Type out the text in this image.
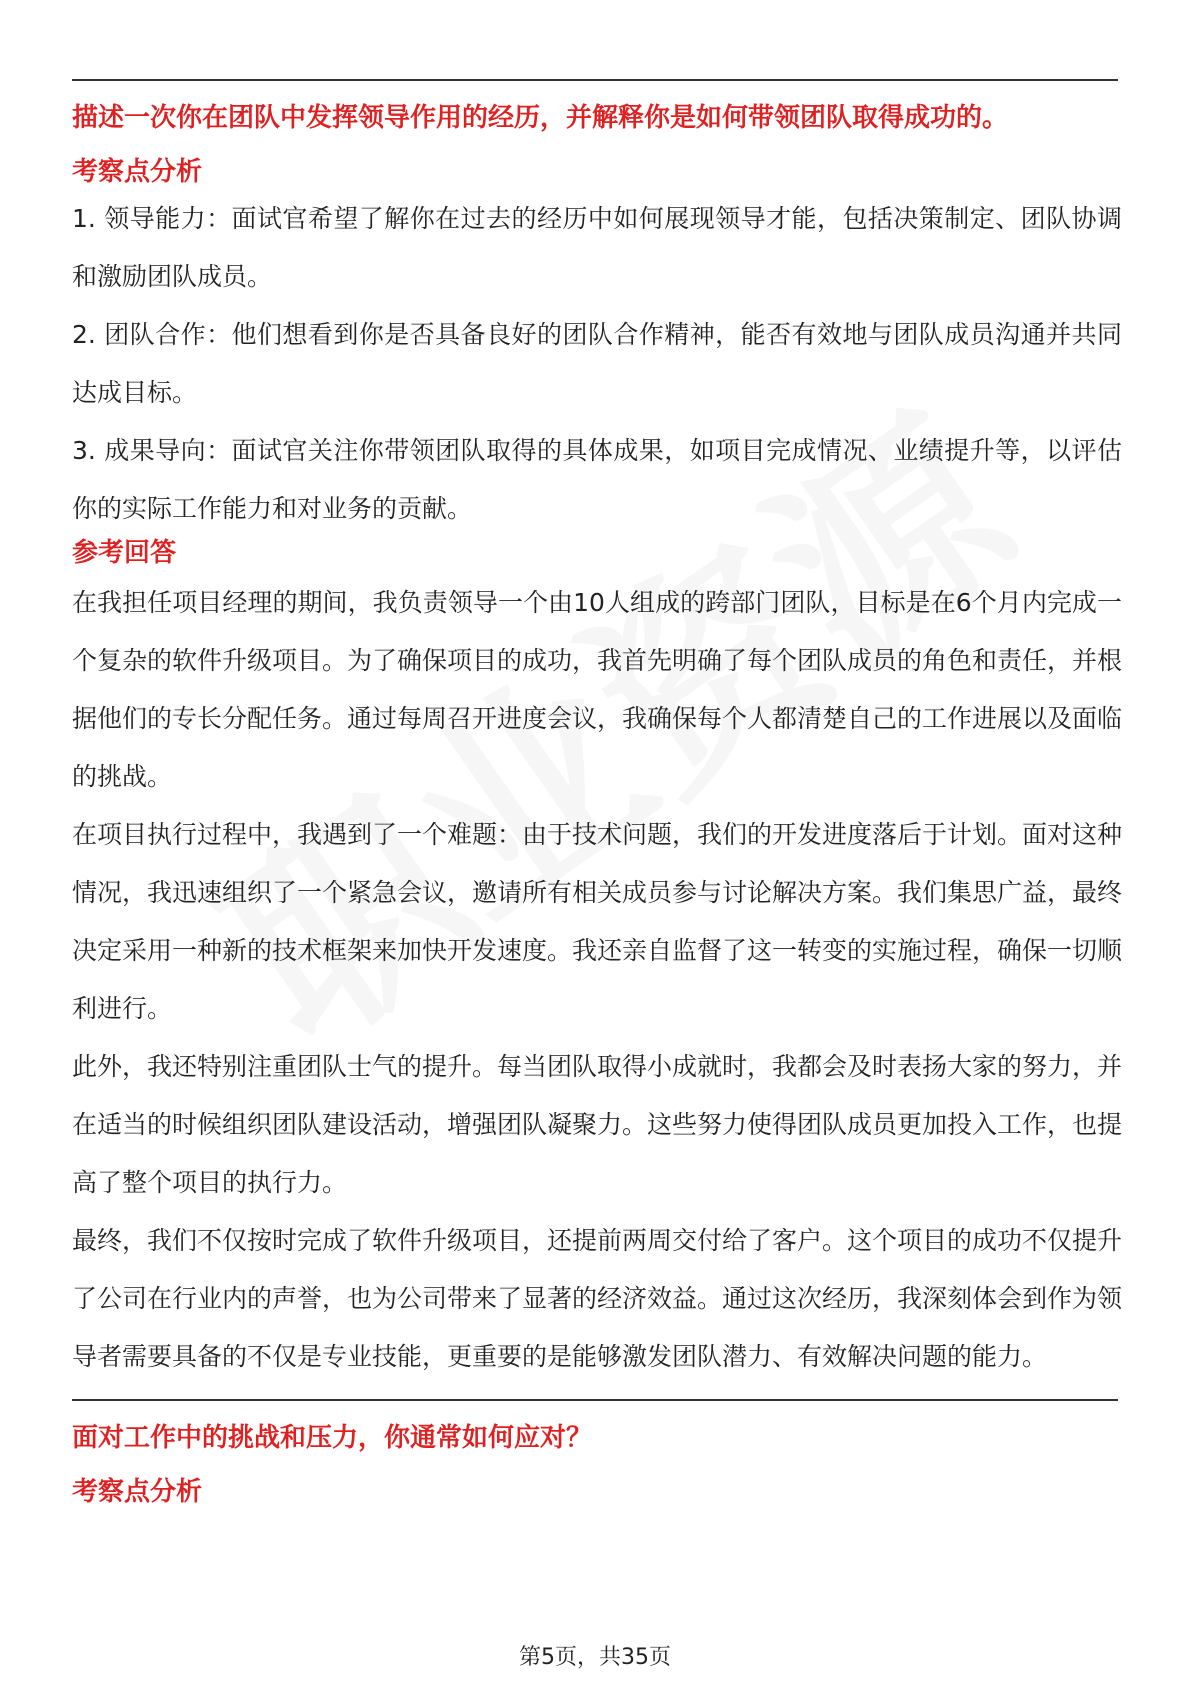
描述一次你在团队中发挥领导作用的经历，并解释你是如何带领团队取得成功的。
考察点分析

1. 领导能力：面试官希望了解你在过去的经历中如何展现领导才能，包括决策制定、团队协调和激励团队成员。

2. 团队合作：他们想看到你是否具备良好的团队合作精神，能否有效地与团队成员沟通并共同达成目标。

3. 成果导向：面试官关注你带领团队取得的具体成果，如项目完成情况、业绩提升等，以评估你的实际工作能力和对业务的贡献。

参考回答

在我担任项目经理的期间，我负责领导一个由10人组成的跨部门团队，目标是在6个月内完成一个复杂的软件升级项目。为了确保项目的成功，我首先明确了每个团队成员的角色和责任，并根据他们的专长分配任务。通过每周召开进度会议，我确保每个人都清楚自己的工作进展以及面临的挑战。

在项目执行过程中，我遇到了一个难题：由于技术问题，我们的开发进度落后于计划。面对这种情况，我迅速组织了一个紧急会议，邀请所有相关成员参与讨论解决方案。我们集思广益，最终决定采用一种新的技术框架来加快开发速度。我还亲自监督了这一转变的实施过程，确保一切顺利进行。

此外，我还特别注重团队士气的提升。每当团队取得小成就时，我都会及时表扬大家的努力，并在适当的时候组织团队建设活动，增强团队凝聚力。这些努力使得团队成员更加投入工作，也提高了整个项目的执行力。

最终，我们不仅按时完成了软件升级项目，还提前两周交付给了客户。这个项目的成功不仅提升了公司在行业内的声誉，也为公司带来了显著的经济效益。通过这次经历，我深刻体会到作为领导者需要具备的不仅是专业技能，更重要的是能够激发团队潜力、有效解决问题的能力。

面对工作中的挑战和压力，你通常如何应对？
考察点分析
第5页，共35页
